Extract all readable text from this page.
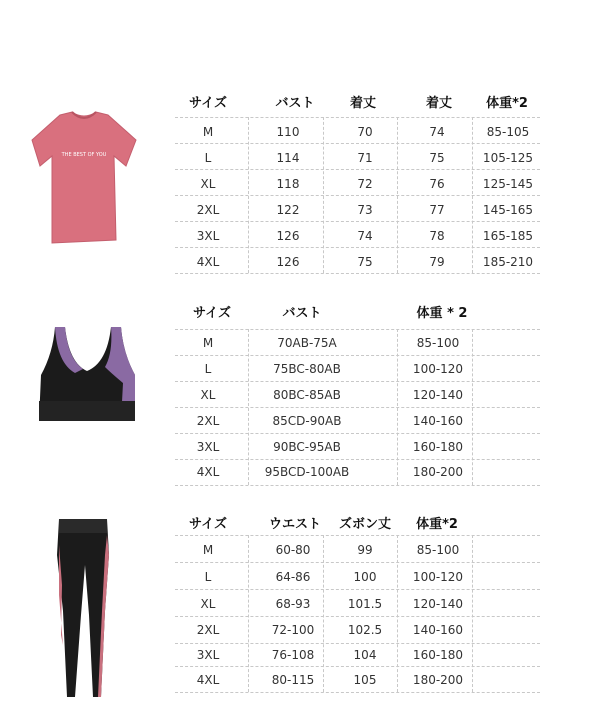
THE BEST OF YOU
サイズ	バスト	着丈	着丈	体重*2
M	110	70	74	85-105
L	114	71	75	105-125
XL	118	72	76	125-145
2XL	122	73	77	145-165
3XL	126	74	78	165-185
4XL	126	75	79	185-210
サイズ	バスト	体重 * 2
M	70AB-75A	85-100
L	75BC-80AB	100-120
XL	80BC-85AB	120-140
2XL	85CD-90AB	140-160
3XL	90BC-95AB	160-180
4XL	95BCD-100AB	180-200
サイズ	ウエスト ズボン丈 体重*2
M	60-80	99	85-100
L	64-86	100	100-120
XL	68-93	101.5	120-140
2XL	72-100	102.5	140-160
3XL	76-108	104	160-180
4XL	80-115	105	180-200
